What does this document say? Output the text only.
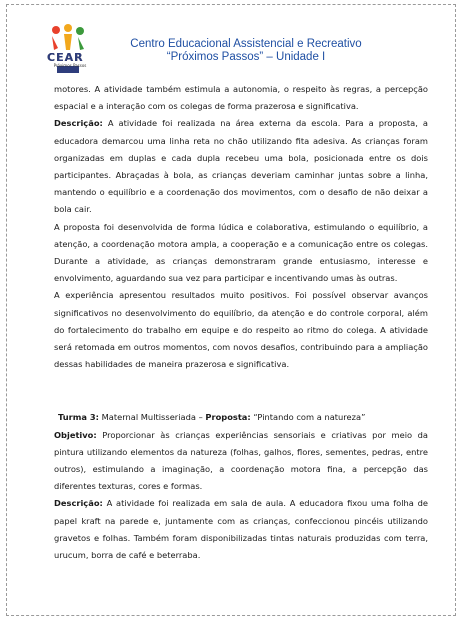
CEAR
Próximos Passos
Centro Educacional Assistencial e Recreativo
“Próximos Passos” – Unidade I

motores. A atividade também estimula a autonomia, o respeito às regras, a percepção espacial e a interação com os colegas de forma prazerosa e significativa.

Descrição: A atividade foi realizada na área externa da escola. Para a proposta, a educadora demarcou uma linha reta no chão utilizando fita adesiva. As crianças foram organizadas em duplas e cada dupla recebeu uma bola, posicionada entre os dois participantes. Abraçadas à bola, as crianças deveriam caminhar juntas sobre a linha, mantendo o equilíbrio e a coordenação dos movimentos, com o desafio de não deixar a bola cair.

A proposta foi desenvolvida de forma lúdica e colaborativa, estimulando o equilíbrio, a atenção, a coordenação motora ampla, a cooperação e a comunicação entre os colegas. Durante a atividade, as crianças demonstraram grande entusiasmo, interesse e envolvimento, aguardando sua vez para participar e incentivando umas às outras.

A experiência apresentou resultados muito positivos. Foi possível observar avanços significativos no desenvolvimento do equilíbrio, da atenção e do controle corporal, além do fortalecimento do trabalho em equipe e do respeito ao ritmo do colega. A atividade será retomada em outros momentos, com novos desafios, contribuindo para a ampliação dessas habilidades de maneira prazerosa e significativa.

Turma 3: Maternal Multisseriada – Proposta: “Pintando com a natureza”

Objetivo: Proporcionar às crianças experiências sensoriais e criativas por meio da pintura utilizando elementos da natureza (folhas, galhos, flores, sementes, pedras, entre outros), estimulando a imaginação, a coordenação motora fina, a percepção das diferentes texturas, cores e formas.

Descrição: A atividade foi realizada em sala de aula. A educadora fixou uma folha de papel kraft na parede e, juntamente com as crianças, confeccionou pincéis utilizando gravetos e folhas. Também foram disponibilizadas tintas naturais produzidas com terra, urucum, borra de café e beterraba.
